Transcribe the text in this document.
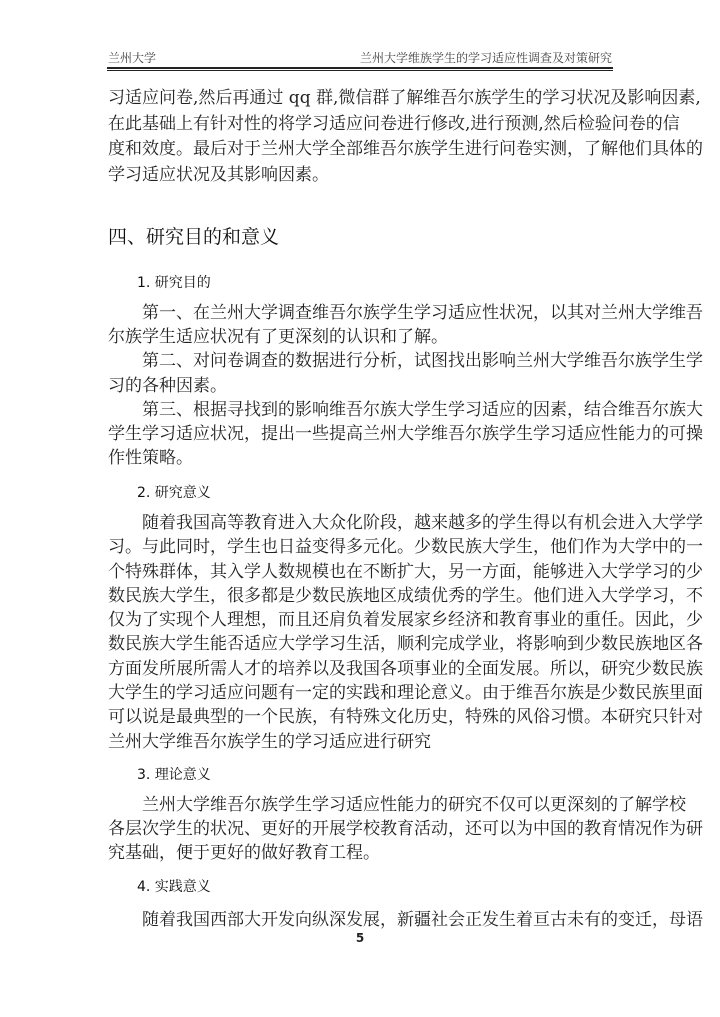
兰州大学	兰州大学维族学生的学习适应性调查及对策研究
习适应问卷,然后再通过 qq 群,微信群了解维吾尔族学生的学习状况及影响因素,
在此基础上有针对性的将学习适应问卷进行修改,进行预测,然后检验问卷的信
度和效度。最后对于兰州大学全部维吾尔族学生进行问卷实测，了解他们具体的
学习适应状况及其影响因素。
四、研究目的和意义
1. 研究目的
第一、在兰州大学调查维吾尔族学生学习适应性状况，以其对兰州大学维吾
尔族学生适应状况有了更深刻的认识和了解。
第二、对问卷调查的数据进行分析，试图找出影响兰州大学维吾尔族学生学
习的各种因素。
第三、根据寻找到的影响维吾尔族大学生学习适应的因素，结合维吾尔族大
学生学习适应状况，提出一些提高兰州大学维吾尔族学生学习适应性能力的可操
作性策略。
2. 研究意义
随着我国高等教育进入大众化阶段，越来越多的学生得以有机会进入大学学
习。与此同时，学生也日益变得多元化。少数民族大学生，他们作为大学中的一
个特殊群体，其入学人数规模也在不断扩大，另一方面，能够进入大学学习的少
数民族大学生，很多都是少数民族地区成绩优秀的学生。他们进入大学学习，不
仅为了实现个人理想，而且还肩负着发展家乡经济和教育事业的重任。因此，少
数民族大学生能否适应大学学习生活，顺利完成学业，将影响到少数民族地区各
方面发所展所需人才的培养以及我国各项事业的全面发展。所以，研究少数民族
大学生的学习适应问题有一定的实践和理论意义。由于维吾尔族是少数民族里面
可以说是最典型的一个民族，有特殊文化历史，特殊的风俗习惯。本研究只针对
兰州大学维吾尔族学生的学习适应进行研究
3. 理论意义
兰州大学维吾尔族学生学习适应性能力的研究不仅可以更深刻的了解学校
各层次学生的状况、更好的开展学校教育活动，还可以为中国的教育情况作为研
究基础，便于更好的做好教育工程。
4. 实践意义
随着我国西部大开发向纵深发展，新疆社会正发生着亘古未有的变迁，母语
5
